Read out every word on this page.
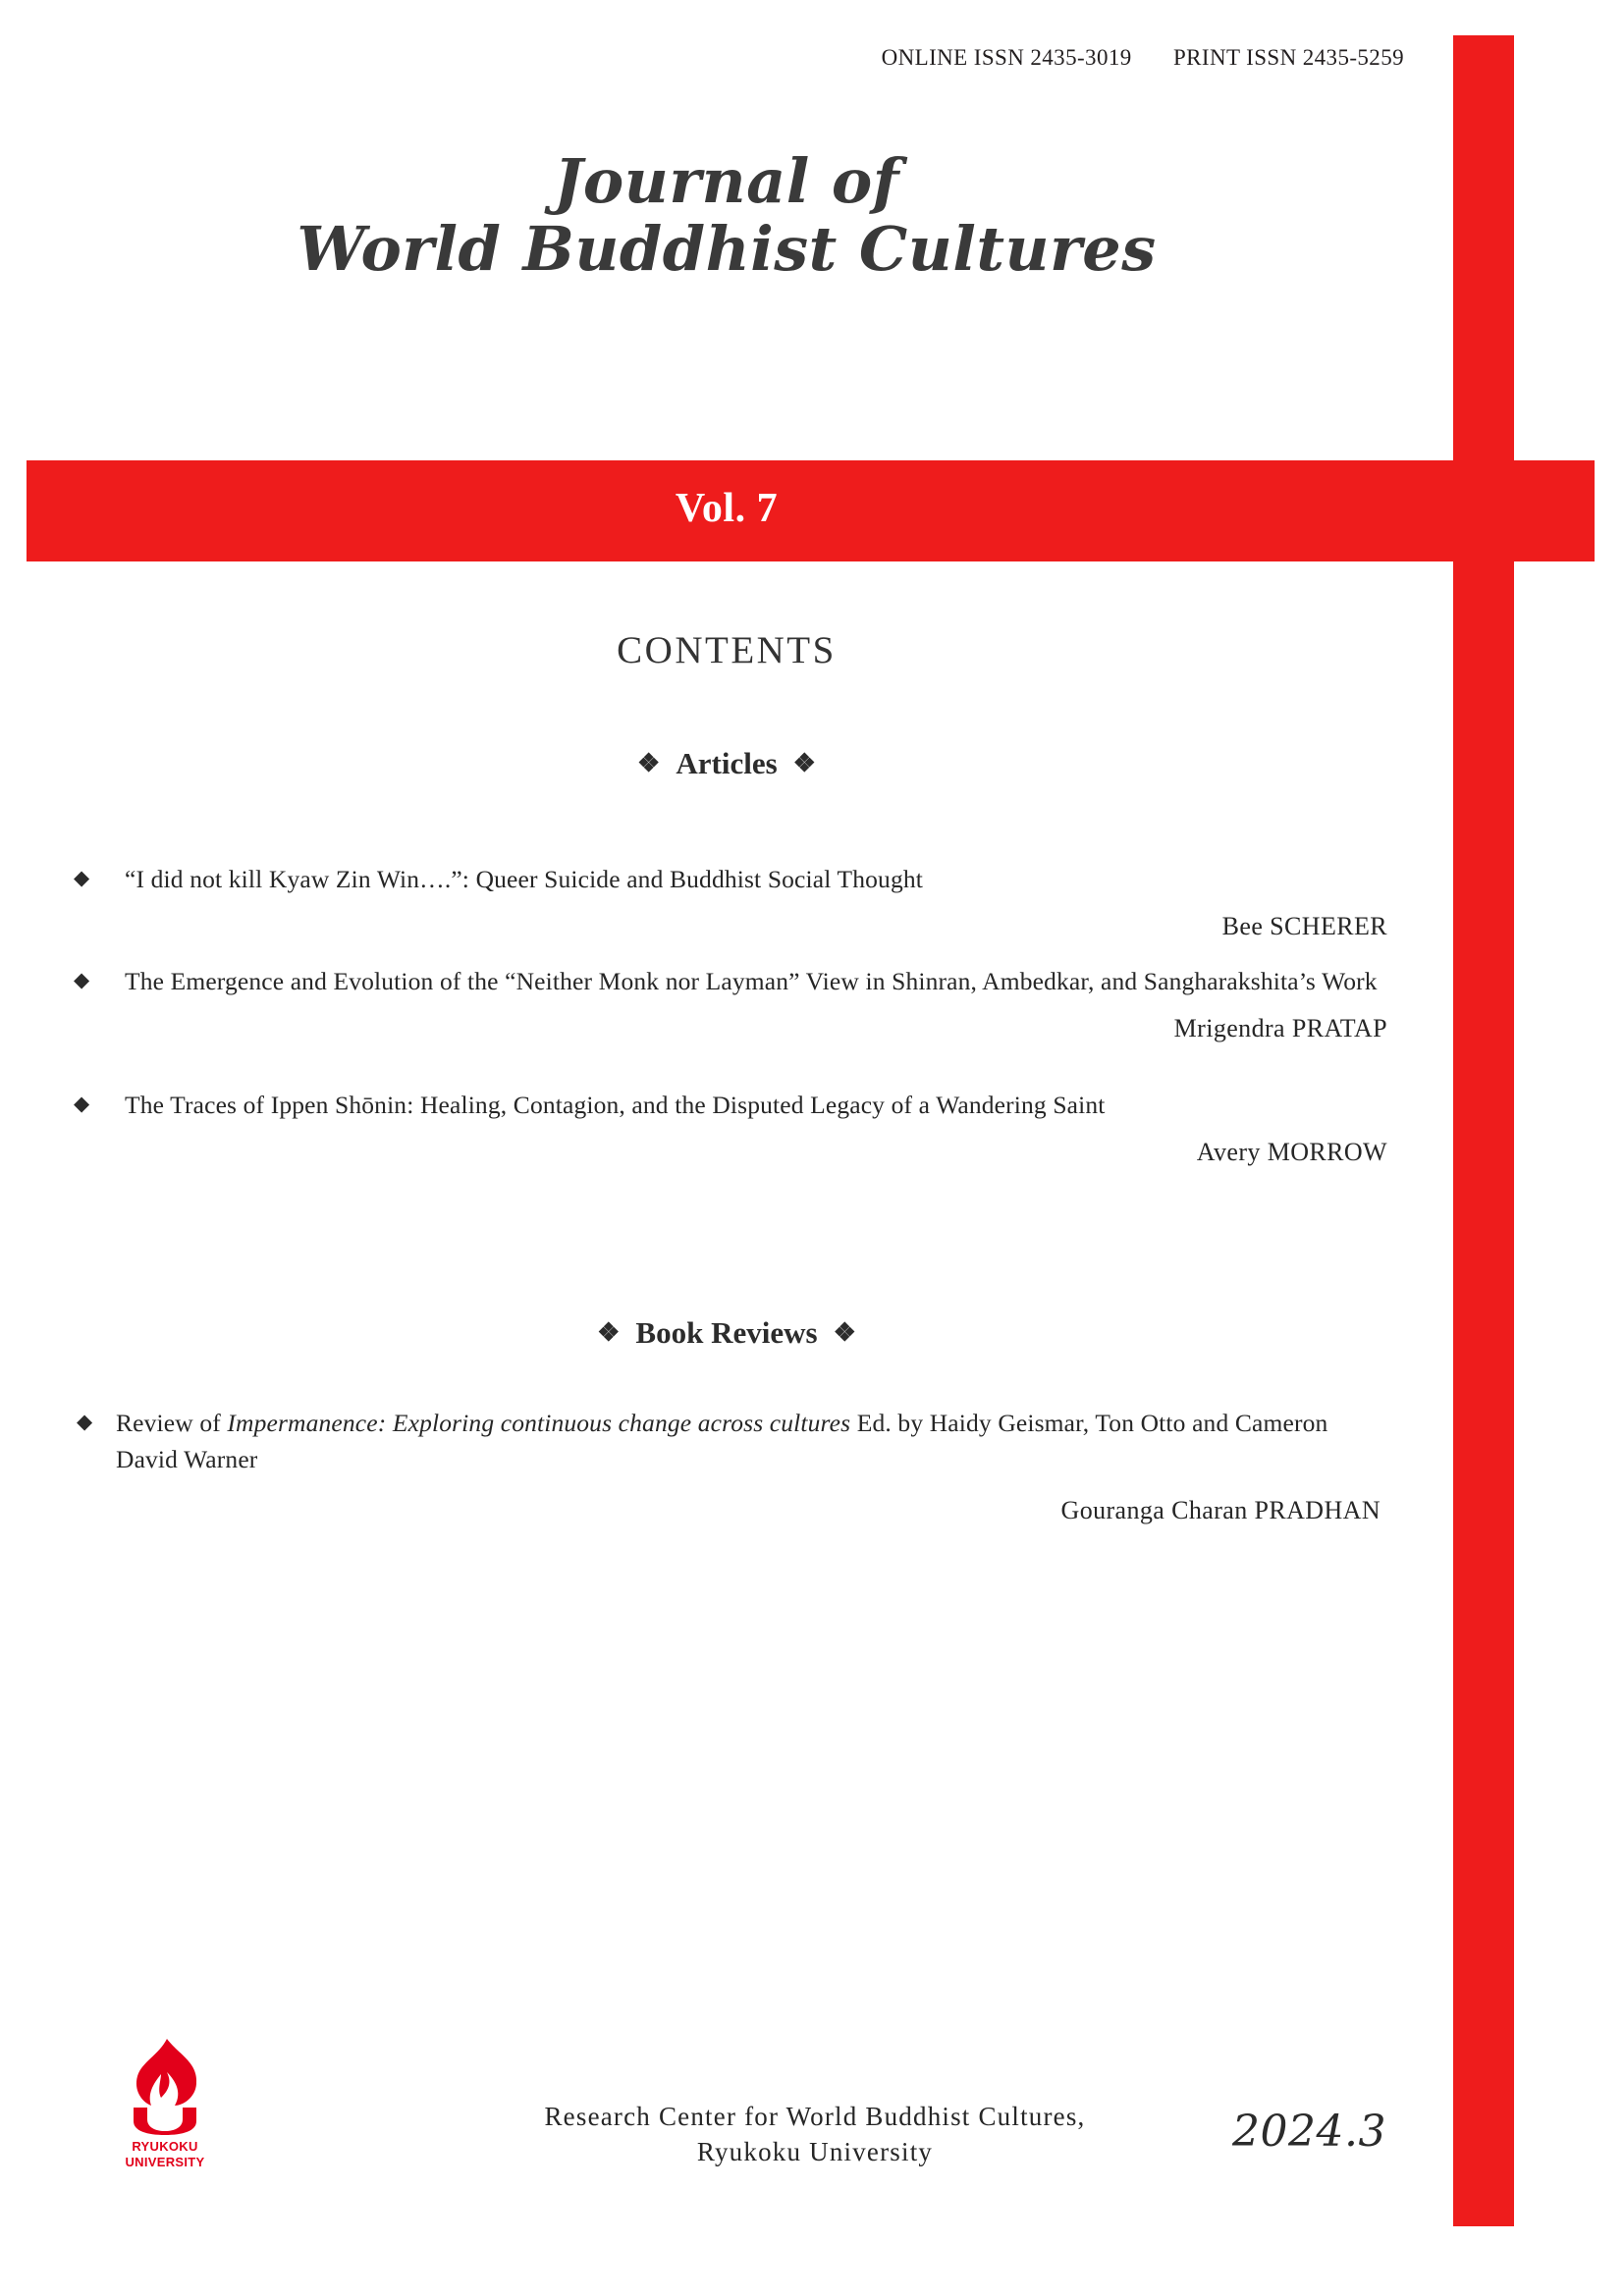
ONLINE ISSN 2435-3019 PRINT ISSN 2435-5259
Journal of
World Buddhist Cultures
Vol. 7
CONTENTS
❖ Articles ❖
◆ “I did not kill Kyaw Zin Win….”: Queer Suicide and Buddhist Social Thought
Bee SCHERER
◆ The Emergence and Evolution of the “Neither Monk nor Layman” View in Shinran, Ambedkar, and Sangharakshita’s Work
Mrigendra PRATAP
◆ The Traces of Ippen Shōnin: Healing, Contagion, and the Disputed Legacy of a Wandering Saint
Avery MORROW
❖ Book Reviews ❖
◆ Review of Impermanence: Exploring continuous change across cultures Ed. by Haidy Geismar, Ton Otto and Cameron David Warner
Gouranga Charan PRADHAN
Research Center for World Buddhist Cultures,
Ryukoku University	2024.3
RYUKOKU
UNIVERSITY
